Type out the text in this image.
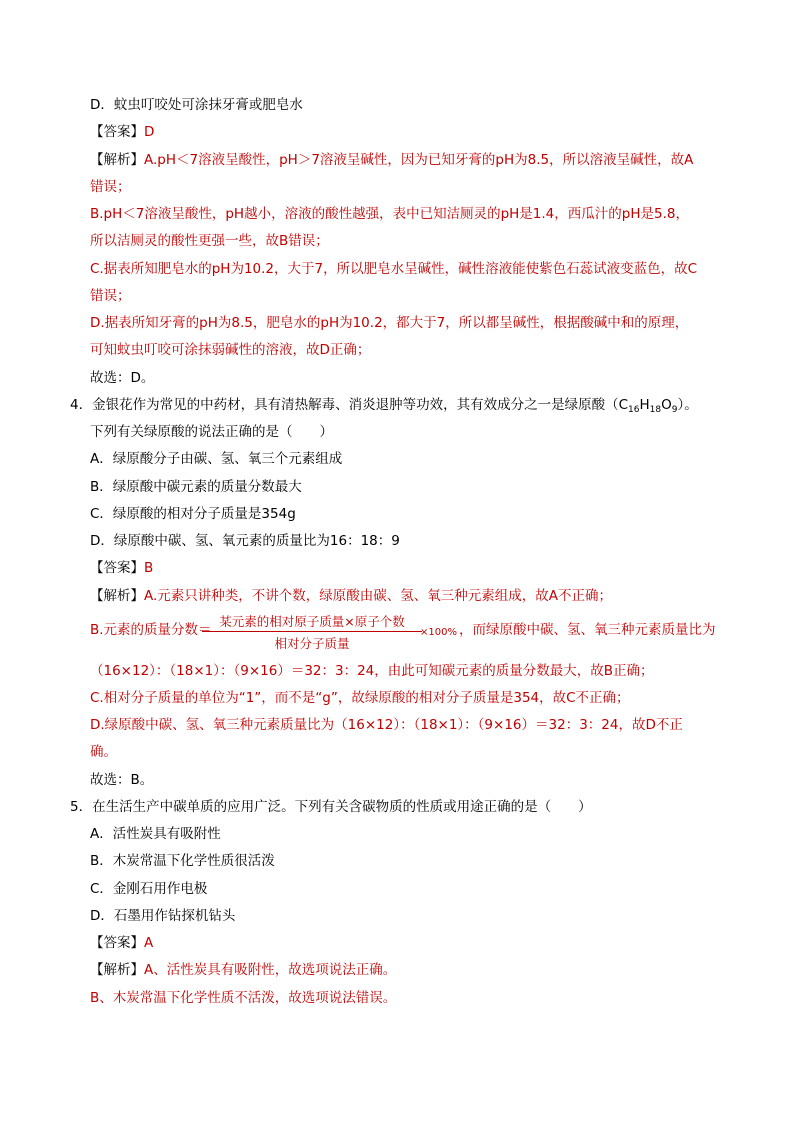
D．蚊虫叮咬处可涂抹牙膏或肥皂水
【答案】D
【解析】A.pH＜7溶液呈酸性，pH＞7溶液呈碱性，因为已知牙膏的pH为8.5，所以溶液呈碱性，故A
错误；
B.pH＜7溶液呈酸性，pH越小，溶液的酸性越强，表中已知洁厕灵的pH是1.4，西瓜汁的pH是5.8，
所以洁厕灵的酸性更强一些，故B错误；
C.据表所知肥皂水的pH为10.2，大于7，所以肥皂水呈碱性，碱性溶液能使紫色石蕊试液变蓝色，故C
错误；
D.据表所知牙膏的pH为8.5，肥皂水的pH为10.2，都大于7，所以都呈碱性，根据酸碱中和的原理，
可知蚊虫叮咬可涂抹弱碱性的溶液，故D正确；
故选：D。
4．金银花作为常见的中药材，具有清热解毒、消炎退肿等功效，其有效成分之一是绿原酸$(C_{16}H_{18}O_9)$。
下列有关绿原酸的说法正确的是（　　）
A．绿原酸分子由碳、氢、氧三个元素组成
B．绿原酸中碳元素的质量分数最大
C．绿原酸的相对分子质量是354g
D．绿原酸中碳、氢、氧元素的质量比为16：18：9
【答案】B
【解析】A.元素只讲种类，不讲个数，绿原酸由碳、氢、氧三种元素组成，故A不正确；
B.元素的质量分数＝
某元素的相对原子质量×原子个数
相对分子质量
×100% ，而绿原酸中碳、氢、氧三种元素质量比为
（16×12）：（18×1）：（9×16）＝32：3：24，由此可知碳元素的质量分数最大，故B正确；
C.相对分子质量的单位为“1”，而不是“g”，故绿原酸的相对分子质量是354，故C不正确；
D.绿原酸中碳、氢、氧三种元素质量比为（16×12）：（18×1）：（9×16）＝32：3：24，故D不正
确。
故选：B。
5．在生活生产中碳单质的应用广泛。下列有关含碳物质的性质或用途正确的是（　　）
A．活性炭具有吸附性
B．木炭常温下化学性质很活泼
C．金刚石用作电极
D．石墨用作钻探机钻头
【答案】A
【解析】A、活性炭具有吸附性，故选项说法正确。
B、木炭常温下化学性质不活泼，故选项说法错误。
